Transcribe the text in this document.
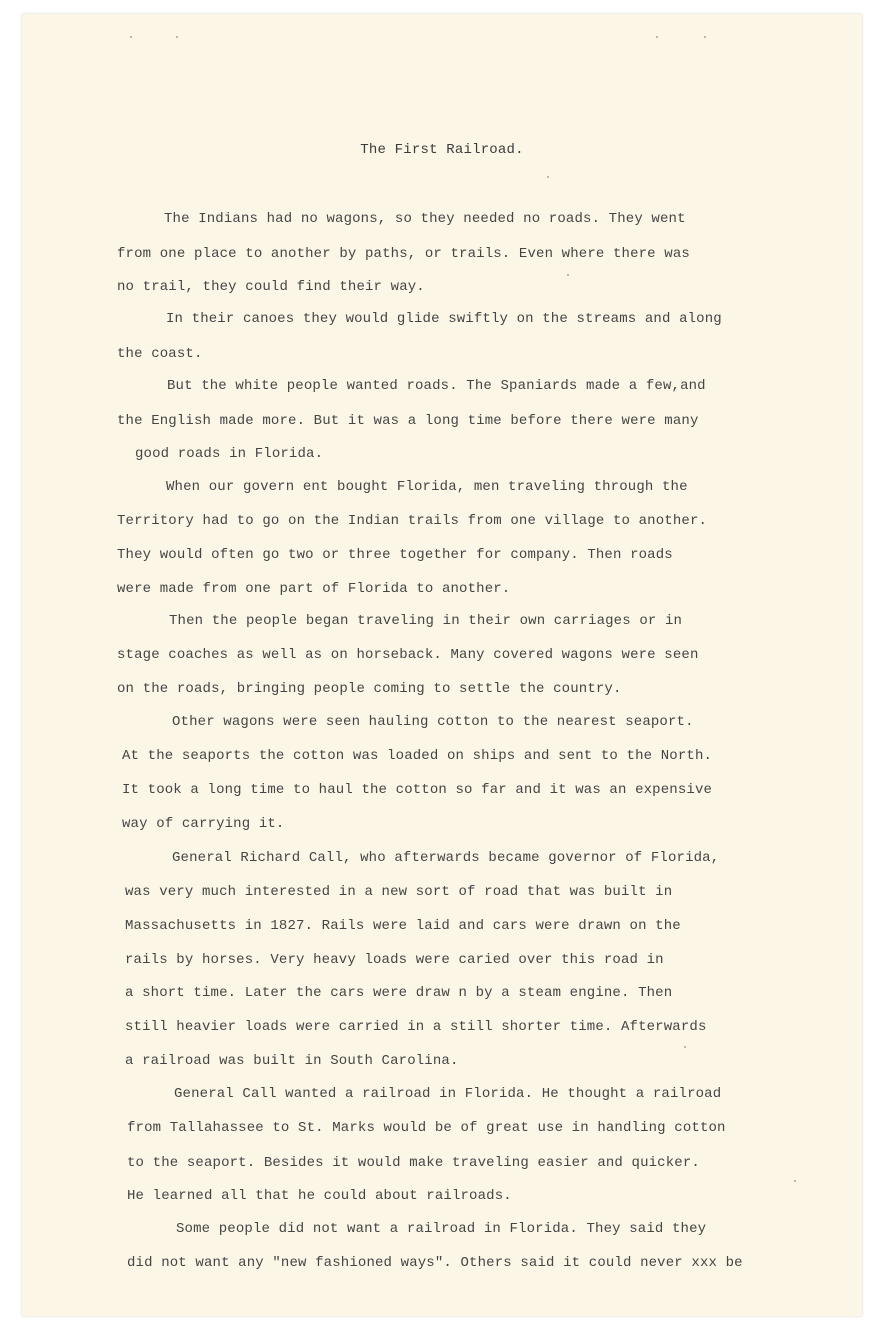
The First Railroad.
The Indians had no wagons, so they needed no roads. They went
from one place to another by paths, or trails. Even where there was
no trail, they could find their way.
In their canoes they would glide swiftly on the streams and along
the coast.
But the white people wanted roads. The Spaniards made a few,and
the English made more. But it was a long time before there were many
good roads in Florida.
When our govern ent bought Florida, men traveling through the
Territory had to go on the Indian trails from one village to another.
They would often go two or three together for company. Then roads
were made from one part of Florida to another.
Then the people began traveling in their own carriages or in
stage coaches as well as on horseback. Many covered wagons were seen
on the roads, bringing people coming to settle the country.
Other wagons were seen hauling cotton to the nearest seaport.
At the seaports the cotton was loaded on ships and sent to the North.
It took a long time to haul the cotton so far and it was an expensive
way of carrying it.
General Richard Call, who afterwards became governor of Florida,
was very much interested in a new sort of road that was built in
Massachusetts in 1827. Rails were laid and cars were drawn on the
rails by horses. Very heavy loads were caried over this road in
a short time. Later the cars were draw n by a steam engine. Then
still heavier loads were carried in a still shorter time. Afterwards
a railroad was built in South Carolina.
General Call wanted a railroad in Florida. He thought a railroad
from Tallahassee to St. Marks would be of great use in handling cotton
to the seaport. Besides it would make traveling easier and quicker.
He learned all that he could about railroads.
Some people did not want a railroad in Florida. They said they
did not want any "new fashioned ways". Others said it could never xxx be
